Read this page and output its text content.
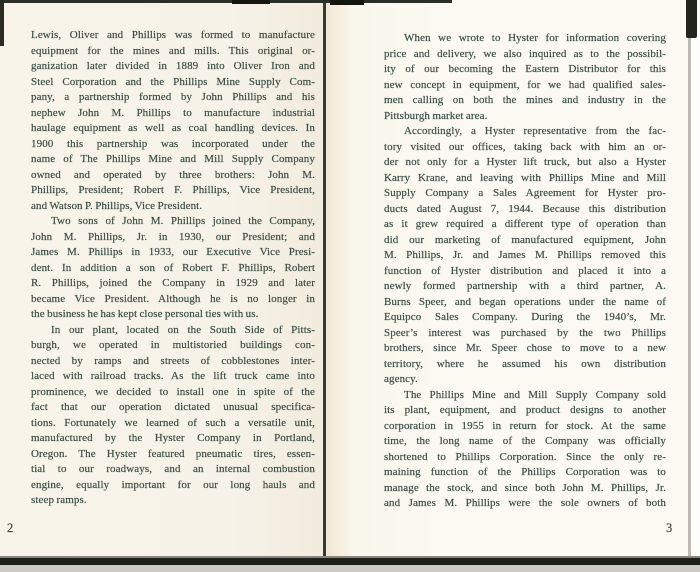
Lewis, Oliver and Phillips was formed to manufacture
equipment for the mines and mills. This original or-
ganization later divided in 1889 into Oliver Iron and
Steel Corporation and the Phillips Mine Supply Com-
pany, a partnership formed by John Phillips and his
nephew John M. Phillips to manufacture industrial
haulage equipment as well as coal handling devices. In
1900 this partnership was incorporated under the
name of The Phillips Mine and Mill Supply Company
owned and operated by three brothers: John M.
Phillips, President; Robert F. Phillips, Vice President,
and Watson P. Phillips, Vice President.
Two sons of John M. Phillips joined the Company,
John M. Phillips, Jr. in 1930, our President; and
James M. Phillips in 1933, our Executive Vice Presi-
dent. In addition a son of Robert F. Phillips, Robert
R. Phillips, joined the Company in 1929 and later
became Vice President. Although he is no longer in
the business he has kept close personal ties with us.
In our plant, located on the South Side of Pitts-
burgh, we operated in multistoried buildings con-
nected by ramps and streets of cobblestones inter-
laced with railroad tracks. As the lift truck came into
prominence, we decided to install one in spite of the
fact that our operation dictated unusual specifica-
tions. Fortunately we learned of such a versatile unit,
manufactured by the Hyster Company in Portland,
Oregon. The Hyster featured pneumatic tires, essen-
tial to our roadways, and an internal combustion
engine, equally important for our long hauls and
steep ramps.
When we wrote to Hyster for information covering
price and delivery, we also inquired as to the possibil-
ity of our becoming the Eastern Distributor for this
new concept in equipment, for we had qualified sales-
men calling on both the mines and industry in the
Pittsburgh market area.
Accordingly, a Hyster representative from the fac-
tory visited our offices, taking back with him an or-
der not only for a Hyster lift truck, but also a Hyster
Karry Krane, and leaving with Phillips Mine and Mill
Supply Company a Sales Agreement for Hyster pro-
ducts dated August 7, 1944. Because this distribution
as it grew required a different type of operation than
did our marketing of manufactured equipment, John
M. Phillips, Jr. and James M. Phillips removed this
function of Hyster distribution and placed it into a
newly formed partnership with a third partner, A.
Burns Speer, and began operations under the name of
Equipco Sales Company. During the 1940’s, Mr.
Speer’s interest was purchased by the two Phillips
brothers, since Mr. Speer chose to move to a new
territory, where he assumed his own distribution
agency.
The Phillips Mine and Mill Supply Company sold
its plant, equipment, and product designs to another
corporation in 1955 in return for stock. At the same
time, the long name of the Company was officially
shortened to Phillips Corporation. Since the only re-
maining function of the Phillips Corporation was to
manage the stock, and since both John M. Phillips, Jr.
and James M. Phillips were the sole owners of both
2	3
